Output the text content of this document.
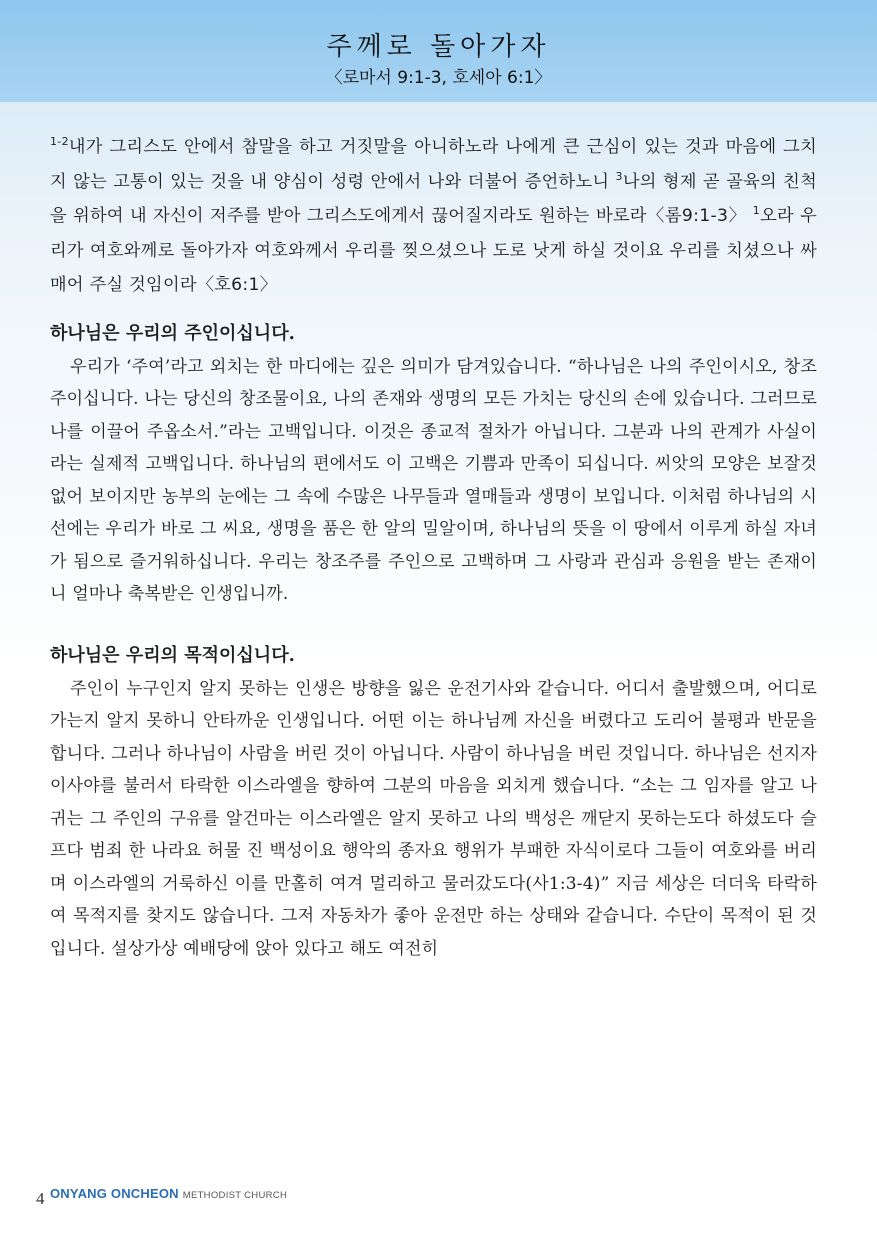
주께로 돌아가자
〈로마서 9:1-3, 호세아 6:1〉

$^{1-2}$내가 그리스도 안에서 참말을 하고 거짓말을 아니하노라 나에게 큰 근심이 있는 것과 마음에 그치지 않는 고통이 있는 것을 내 양심이 성령 안에서 나와 더불어 증언하노니 $^3$나의 형제 곧 골육의 친척을 위하여 내 자신이 저주를 받아 그리스도에게서 끊어질지라도 원하는 바로라〈롬9:1-3〉 $^1$오라 우리가 여호와께로 돌아가자 여호와께서 우리를 찢으셨으나 도로 낫게 하실 것이요 우리를 치셨으나 싸매어 주실 것임이라〈호6:1〉

하나님은 우리의 주인이십니다.

우리가 ‘주여’라고 외치는 한 마디에는 깊은 의미가 담겨있습니다. “하나님은 나의 주인이시오, 창조주이십니다. 나는 당신의 창조물이요, 나의 존재와 생명의 모든 가치는 당신의 손에 있습니다. 그러므로 나를 이끌어 주옵소서.”라는 고백입니다. 이것은 종교적 절차가 아닙니다. 그분과 나의 관계가 사실이라는 실제적 고백입니다. 하나님의 편에서도 이 고백은 기쁨과 만족이 되십니다. 씨앗의 모양은 보잘것없어 보이지만 농부의 눈에는 그 속에 수많은 나무들과 열매들과 생명이 보입니다. 이처럼 하나님의 시선에는 우리가 바로 그 씨요, 생명을 품은 한 알의 밀알이며, 하나님의 뜻을 이 땅에서 이루게 하실 자녀가 됨으로 즐거워하십니다. 우리는 창조주를 주인으로 고백하며 그 사랑과 관심과 응원을 받는 존재이니 얼마나 축복받은 인생입니까.

하나님은 우리의 목적이십니다.

주인이 누구인지 알지 못하는 인생은 방향을 잃은 운전기사와 같습니다. 어디서 출발했으며, 어디로 가는지 알지 못하니 안타까운 인생입니다. 어떤 이는 하나님께 자신을 버렸다고 도리어 불평과 반문을 합니다. 그러나 하나님이 사람을 버린 것이 아닙니다. 사람이 하나님을 버린 것입니다. 하나님은 선지자 이사야를 불러서 타락한 이스라엘을 향하여 그분의 마음을 외치게 했습니다. “소는 그 임자를 알고 나귀는 그 주인의 구유를 알건마는 이스라엘은 알지 못하고 나의 백성은 깨닫지 못하는도다 하셨도다 슬프다 범죄 한 나라요 허물 진 백성이요 행악의 종자요 행위가 부패한 자식이로다 그들이 여호와를 버리며 이스라엘의 거룩하신 이를 만홀히 여겨 멀리하고 물러갔도다(사1:3-4)” 지금 세상은 더더욱 타락하여 목적지를 찾지도 않습니다. 그저 자동차가 좋아 운전만 하는 상태와 같습니다. 수단이 목적이 된 것입니다. 설상가상 예배당에 앉아 있다고 해도 여전히

4 ONYANG ONCHEON METHODIST CHURCH
